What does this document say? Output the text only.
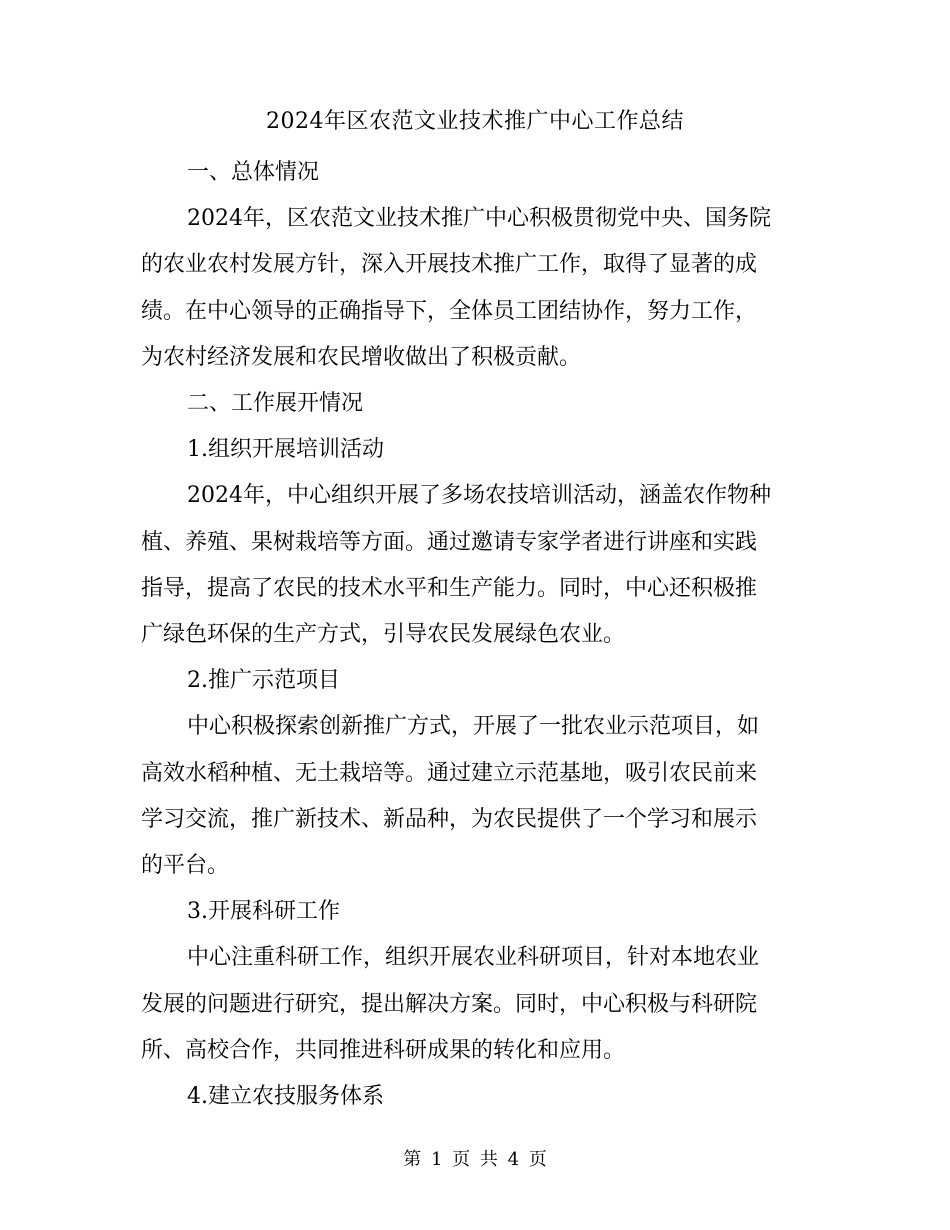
2024年区农范文业技术推广中心工作总结

一、总体情况

2024年，区农范文业技术推广中心积极贯彻党中央、国务院
的农业农村发展方针，深入开展技术推广工作，取得了显著的成
绩。在中心领导的正确指导下，全体员工团结协作，努力工作，
为农村经济发展和农民增收做出了积极贡献。

二、工作展开情况

1.组织开展培训活动

2024年，中心组织开展了多场农技培训活动，涵盖农作物种
植、养殖、果树栽培等方面。通过邀请专家学者进行讲座和实践
指导，提高了农民的技术水平和生产能力。同时，中心还积极推
广绿色环保的生产方式，引导农民发展绿色农业。

2.推广示范项目

中心积极探索创新推广方式，开展了一批农业示范项目，如
高效水稻种植、无土栽培等。通过建立示范基地，吸引农民前来
学习交流，推广新技术、新品种，为农民提供了一个学习和展示
的平台。

3.开展科研工作

中心注重科研工作，组织开展农业科研项目，针对本地农业
发展的问题进行研究，提出解决方案。同时，中心积极与科研院
所、高校合作，共同推进科研成果的转化和应用。

4.建立农技服务体系

第 1 页 共 4 页
